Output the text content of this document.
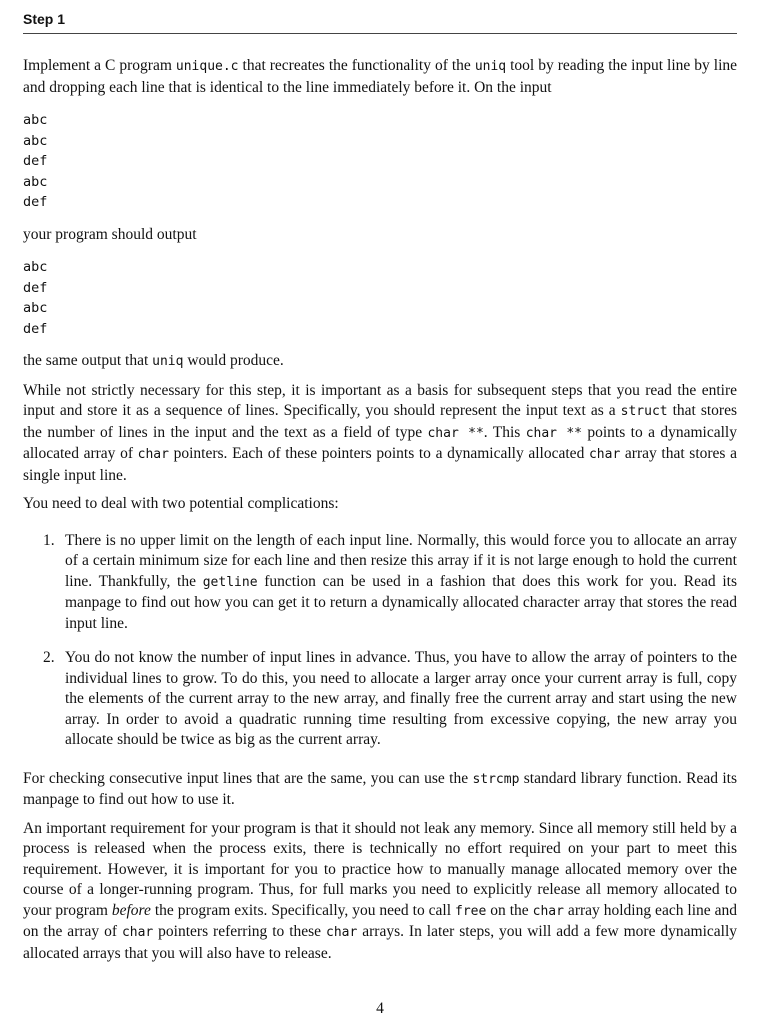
Step 1

Implement a C program unique.c that recreates the functionality of the uniq tool by reading the input line by line and dropping each line that is identical to the line immediately before it. On the input

abc
abc
def
abc
def

your program should output

abc
def
abc
def

the same output that uniq would produce.

While not strictly necessary for this step, it is important as a basis for subsequent steps that you read the entire input and store it as a sequence of lines. Specifically, you should represent the input text as a struct that stores the number of lines in the input and the text as a field of type char **. This char ** points to a dynamically allocated array of char pointers. Each of these pointers points to a dynamically allocated char array that stores a single input line.

You need to deal with two potential complications:

1. There is no upper limit on the length of each input line. Normally, this would force you to allocate an array of a certain minimum size for each line and then resize this array if it is not large enough to hold the current line. Thankfully, the getline function can be used in a fashion that does this work for you. Read its manpage to find out how you can get it to return a dynamically allocated character array that stores the read input line.
2. You do not know the number of input lines in advance. Thus, you have to allow the array of pointers to the individual lines to grow. To do this, you need to allocate a larger array once your current array is full, copy the elements of the current array to the new array, and finally free the current array and start using the new array. In order to avoid a quadratic running time resulting from excessive copying, the new array you allocate should be twice as big as the current array.

For checking consecutive input lines that are the same, you can use the strcmp standard library function. Read its manpage to find out how to use it.

An important requirement for your program is that it should not leak any memory. Since all memory still held by a process is released when the process exits, there is technically no effort required on your part to meet this requirement. However, it is important for you to practice how to manually manage allocated memory over the course of a longer-running program. Thus, for full marks you need to explicitly release all memory allocated to your program before the program exits. Specifically, you need to call free on the char array holding each line and on the array of char pointers referring to these char arrays. In later steps, you will add a few more dynamically allocated arrays that you will also have to release.

4
